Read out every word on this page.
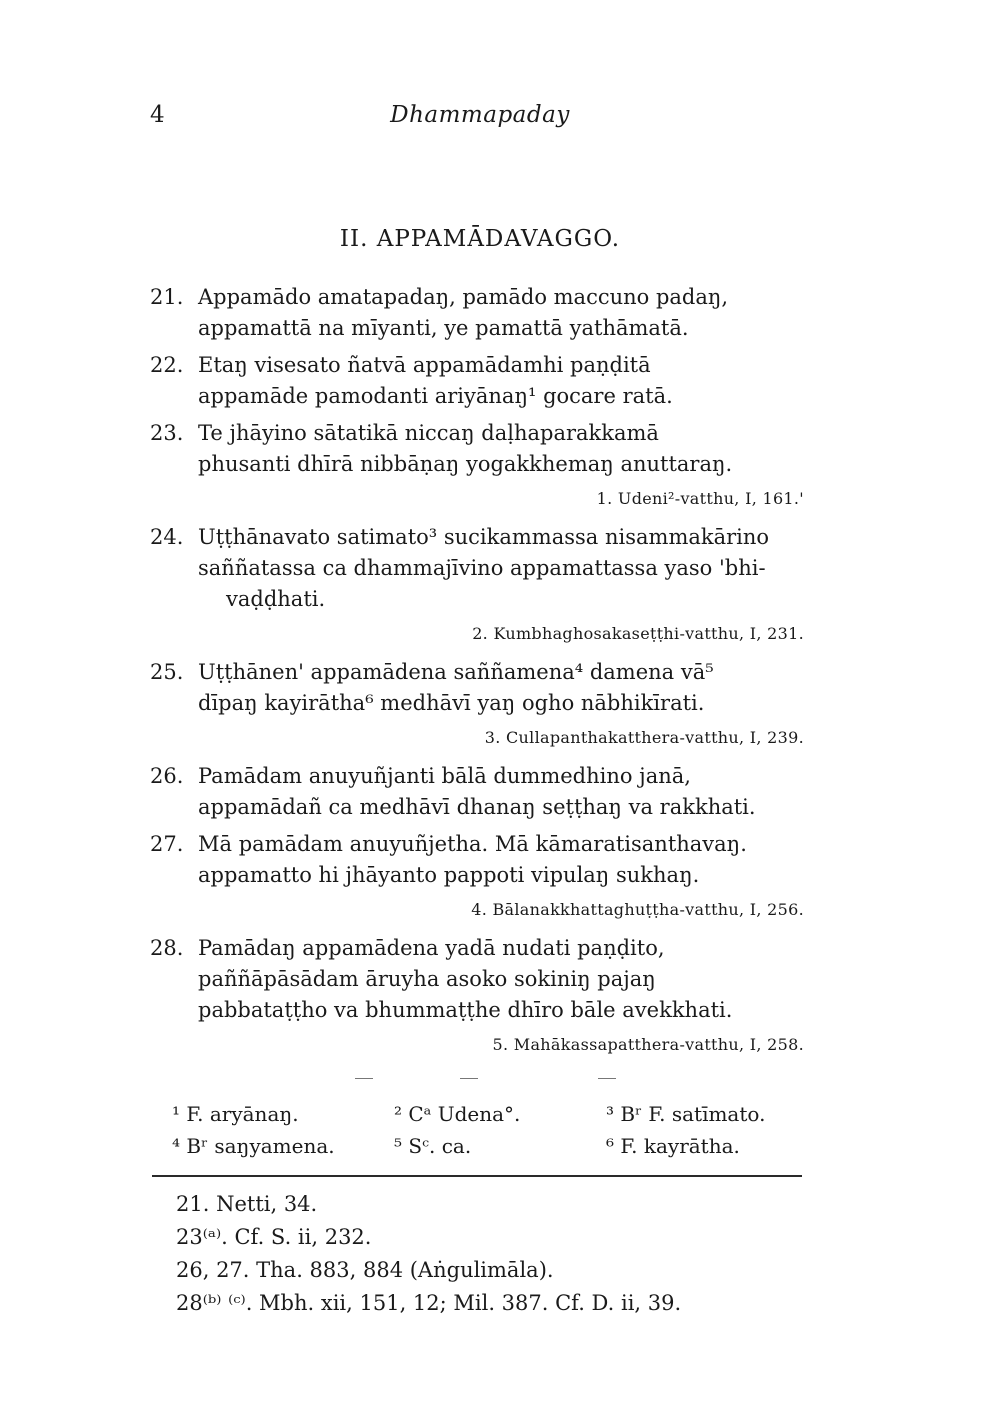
4	Dhammapaday
II. APPAMĀDAVAGGO.
21. Appamādo amatapadaŋ, pamādo maccuno padaŋ,
appamattā na mīyanti, ye pamattā yathāmatā.
22. Etaŋ visesato ñatvā appamādamhi paṇḍitā
appamāde pamodanti ariyānaŋ¹ gocare ratā.
23. Te jhāyino sātatikā niccaŋ daḷhaparakkamā
phusanti dhīrā nibbāṇaŋ yogakkhemaŋ anuttaraŋ.
1. Udeni²-vatthu, I, 161.'
24. Uṭṭhānavato satimato³ sucikammassa nisammakārino
saññatassa ca dhammajīvino appamattassa yaso 'bhi-
vaḍḍhati.
2. Kumbhaghosakaseṭṭhi-vatthu, I, 231.
25. Uṭṭhānen' appamādena saññamena⁴ damena vā⁵
dīpaŋ kayirātha⁶ medhāvī yaŋ ogho nābhikīrati.
3. Cullapanthakatthera-vatthu, I, 239.
26. Pamādam anuyuñjanti bālā dummedhino janā,
appamādañ ca medhāvī dhanaŋ seṭṭhaŋ va rakkhati.
27. Mā pamādam anuyuñjetha. Mā kāmaratisanthavaŋ.
appamatto hi jhāyanto pappoti vipulaŋ sukhaŋ.
4. Bālanakkhattaghuṭṭha-vatthu, I, 256.
28. Pamādaŋ appamādena yadā nudati paṇḍito,
paññāpāsādam āruyha asoko sokiniŋ pajaŋ
pabbataṭṭho va bhummaṭṭhe dhīro bāle avekkhati.
5. Mahākassapatthera-vatthu, I, 258.
¹ F. aryānaŋ.	² Cᵃ Udena°.	³ Bʳ F. satīmato.
⁴ Bʳ saŋyamena.	⁵ Sᶜ. ca.	⁶ F. kayrātha.
21. Netti, 34.
23⁽ᵃ⁾. Cf. S. ii, 232.
26, 27. Tha. 883, 884 (Aṅgulimāla).
28⁽ᵇ⁾ ⁽ᶜ⁾. Mbh. xii, 151, 12; Mil. 387. Cf. D. ii, 39.
